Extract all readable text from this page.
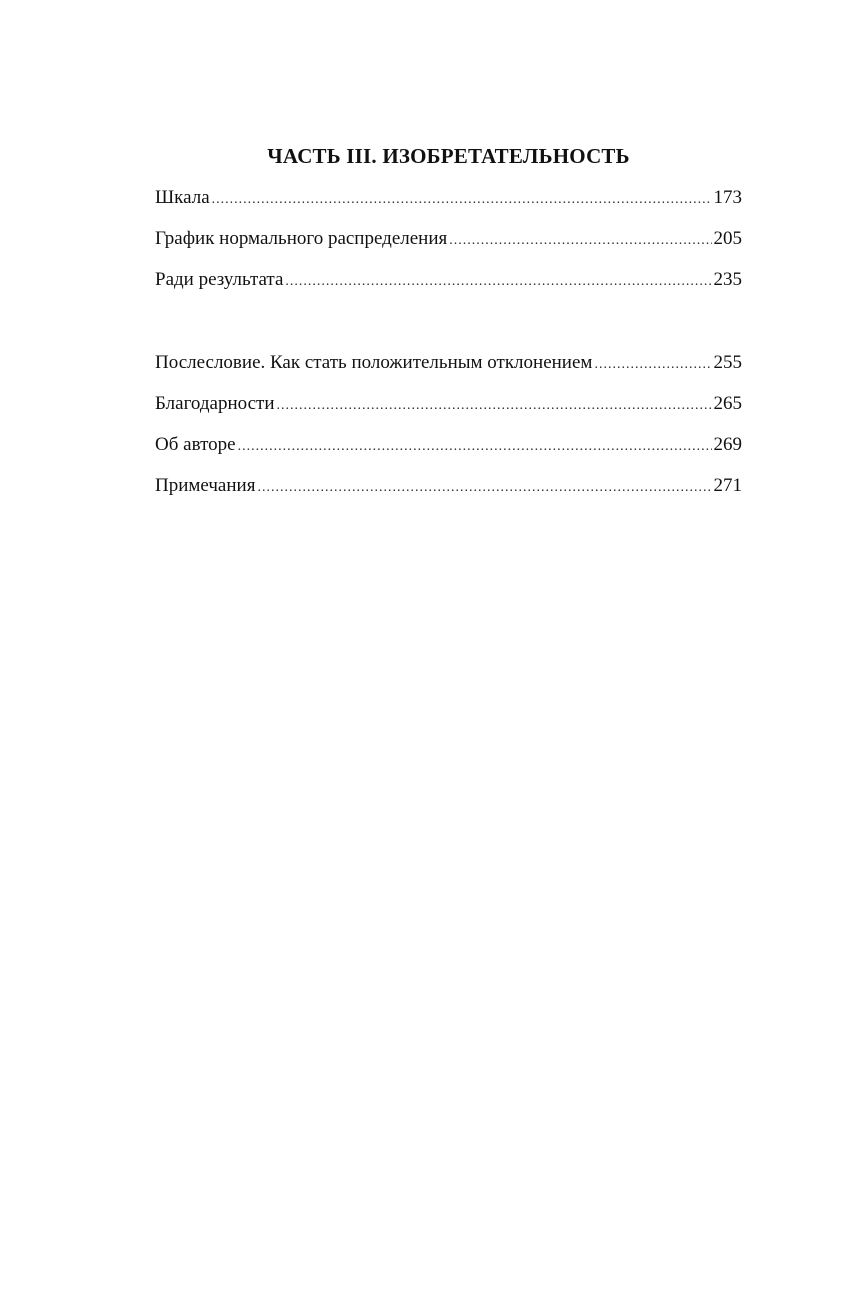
ЧАСТЬ III. ИЗОБРЕТАТЕЛЬНОСТЬ
Шкала .....	173
График нормального распределения .....	205
Ради результата .....	235
Послесловие. Как стать положительным отклонением .....	255
Благодарности .....	265
Об авторе .....	269
Примечания .....	271
